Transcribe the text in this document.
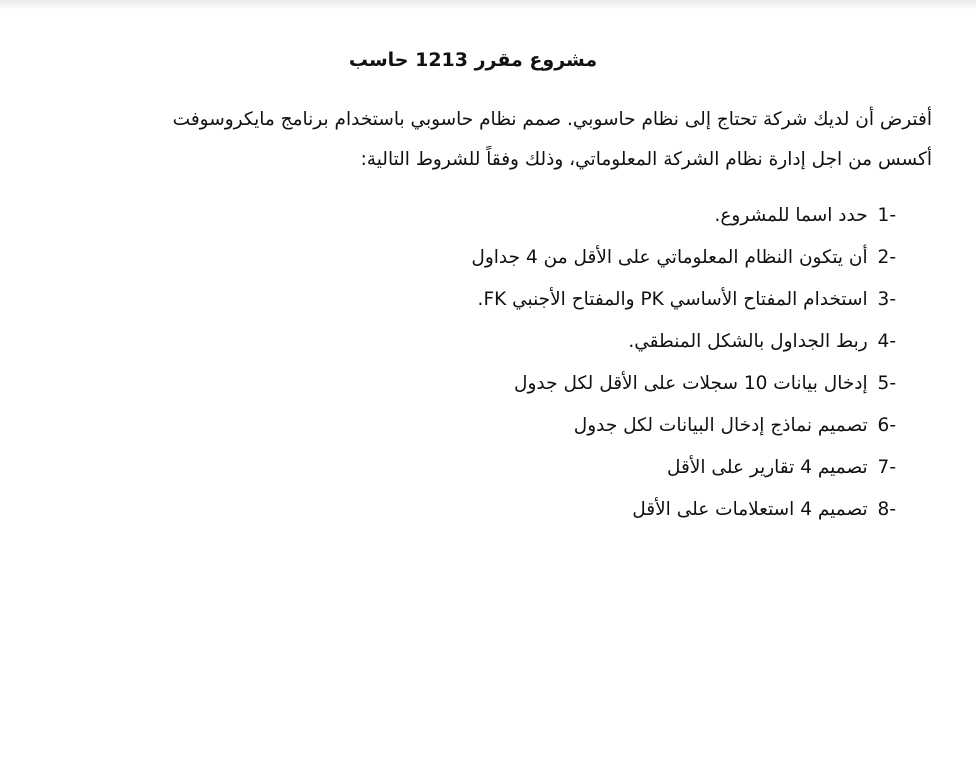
مشروع مقرر 1213 حاسب
أفترض أن لديك شركة تحتاج إلى نظام حاسوبي. صمم نظام حاسوبي باستخدام برنامج مايكروسوفت
أكسس من اجل إدارة نظام الشركة المعلوماتي، وذلك وفقاً للشروط التالية:
1- حدد اسما للمشروع.
2- أن يتكون النظام المعلوماتي على الأقل من 4 جداول
3- استخدام المفتاح الأساسي PK والمفتاح الأجنبي FK.
4- ربط الجداول بالشكل المنطقي.
5- إدخال بيانات 10 سجلات على الأقل لكل جدول
6- تصميم نماذج إدخال البيانات لكل جدول
7- تصميم 4 تقارير على الأقل
8- تصميم 4 استعلامات على الأقل
